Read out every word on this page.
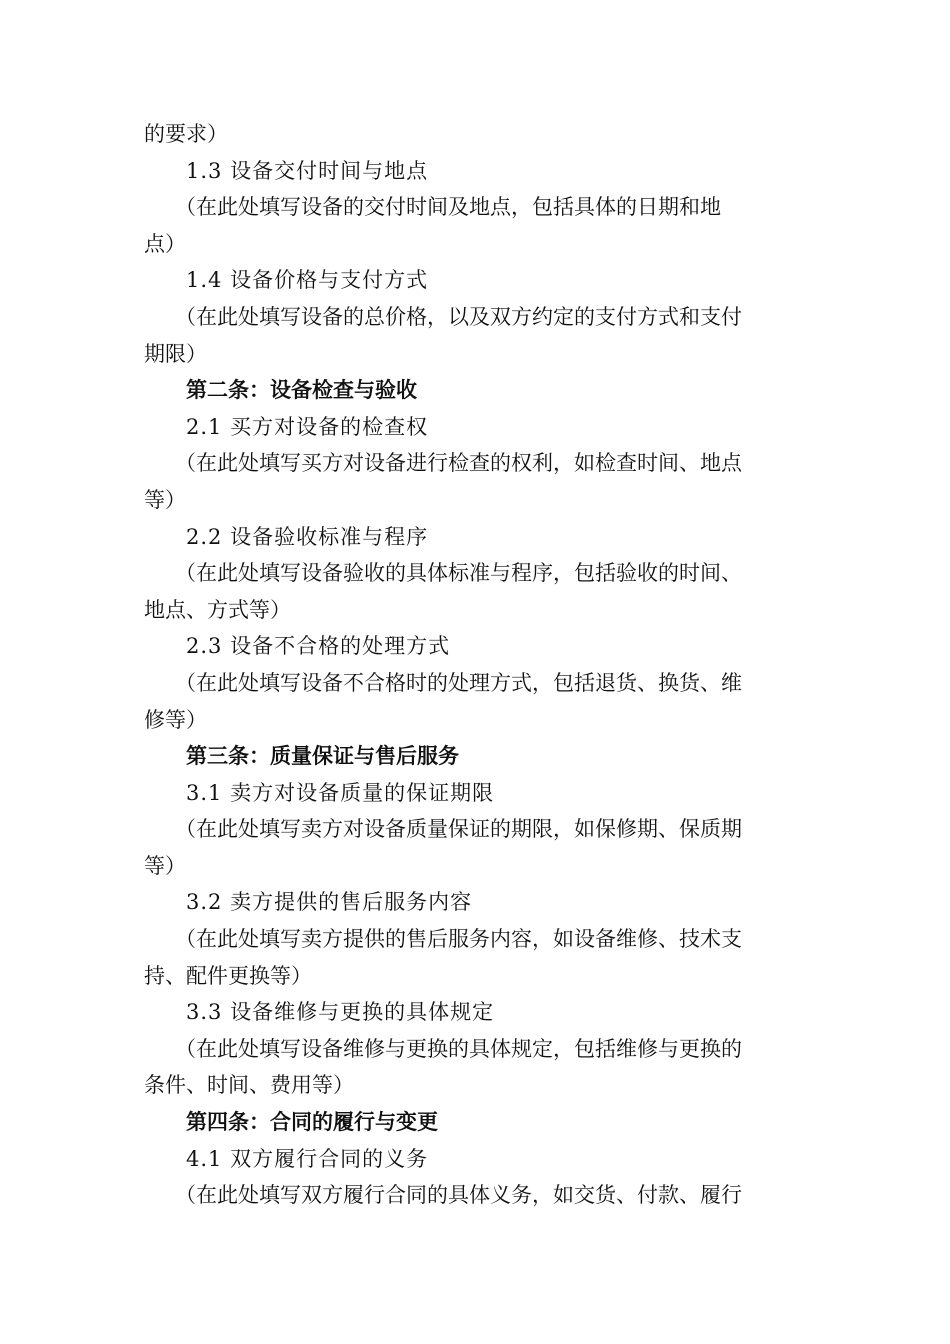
的要求）
1.3 设备交付时间与地点
（在此处填写设备的交付时间及地点，包括具体的日期和地
点）
1.4 设备价格与支付方式
（在此处填写设备的总价格，以及双方约定的支付方式和支付
期限）
第二条：设备检查与验收
2.1 买方对设备的检查权
（在此处填写买方对设备进行检查的权利，如检查时间、地点
等）
2.2 设备验收标准与程序
（在此处填写设备验收的具体标准与程序，包括验收的时间、
地点、方式等）
2.3 设备不合格的处理方式
（在此处填写设备不合格时的处理方式，包括退货、换货、维
修等）
第三条：质量保证与售后服务
3.1 卖方对设备质量的保证期限
（在此处填写卖方对设备质量保证的期限，如保修期、保质期
等）
3.2 卖方提供的售后服务内容
（在此处填写卖方提供的售后服务内容，如设备维修、技术支
持、配件更换等）
3.3 设备维修与更换的具体规定
（在此处填写设备维修与更换的具体规定，包括维修与更换的
条件、时间、费用等）
第四条：合同的履行与变更
4.1 双方履行合同的义务
（在此处填写双方履行合同的具体义务，如交货、付款、履行
